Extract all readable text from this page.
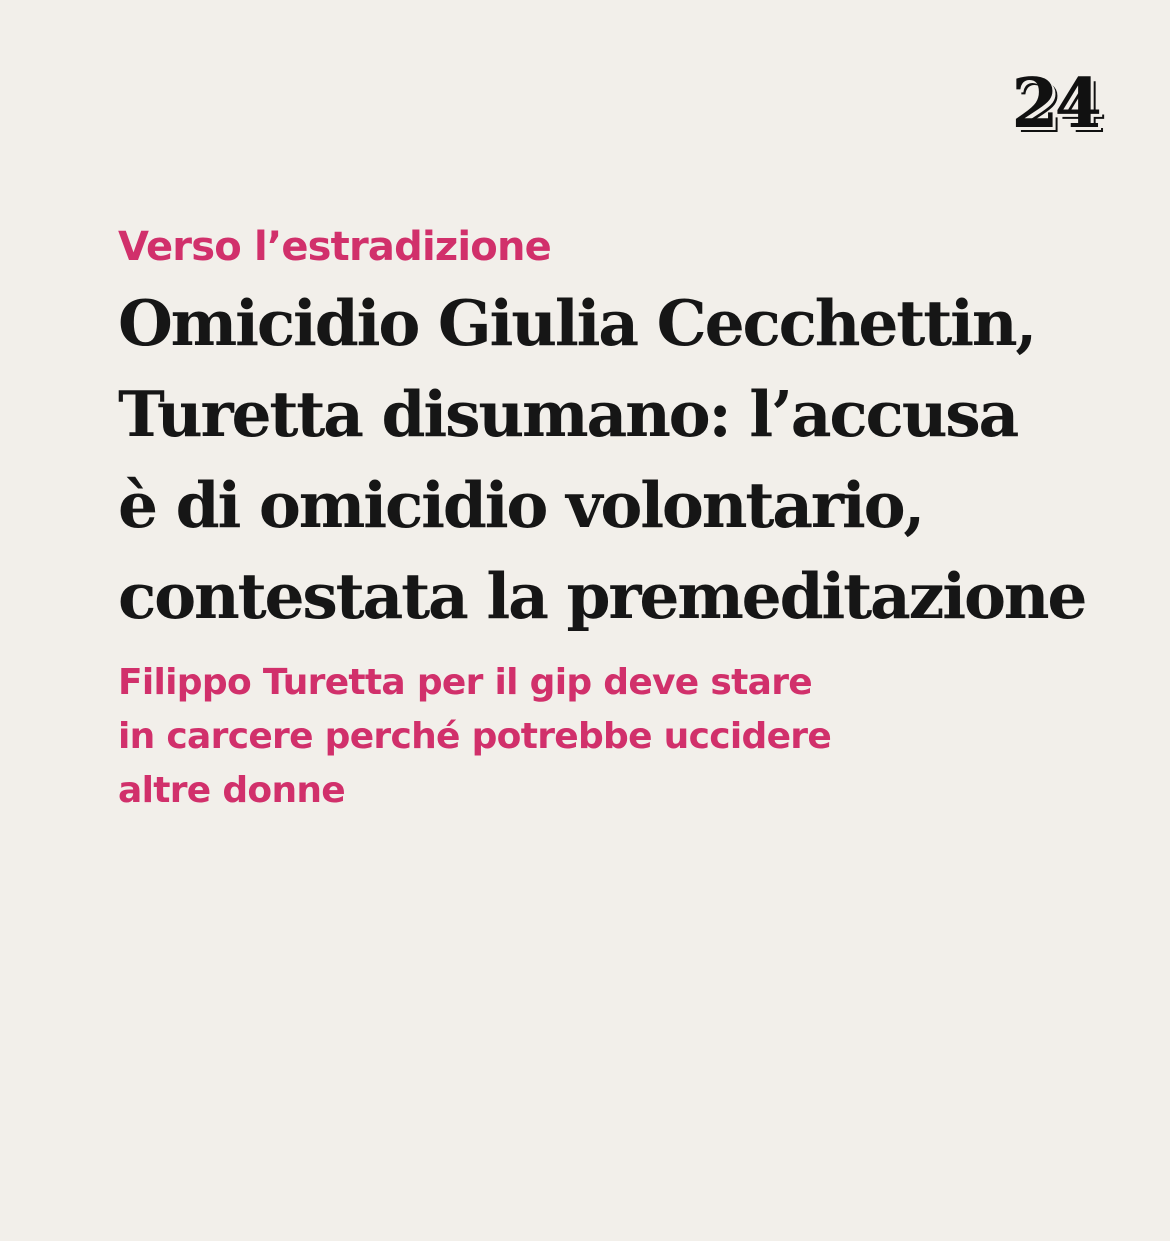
24
Verso l’estradizione
Omicidio Giulia Cecchettin,
Turetta disumano: l’accusa
è di omicidio volontario,
contestata la premeditazione
Filippo Turetta per il gip deve stare
in carcere perché potrebbe uccidere
altre donne
